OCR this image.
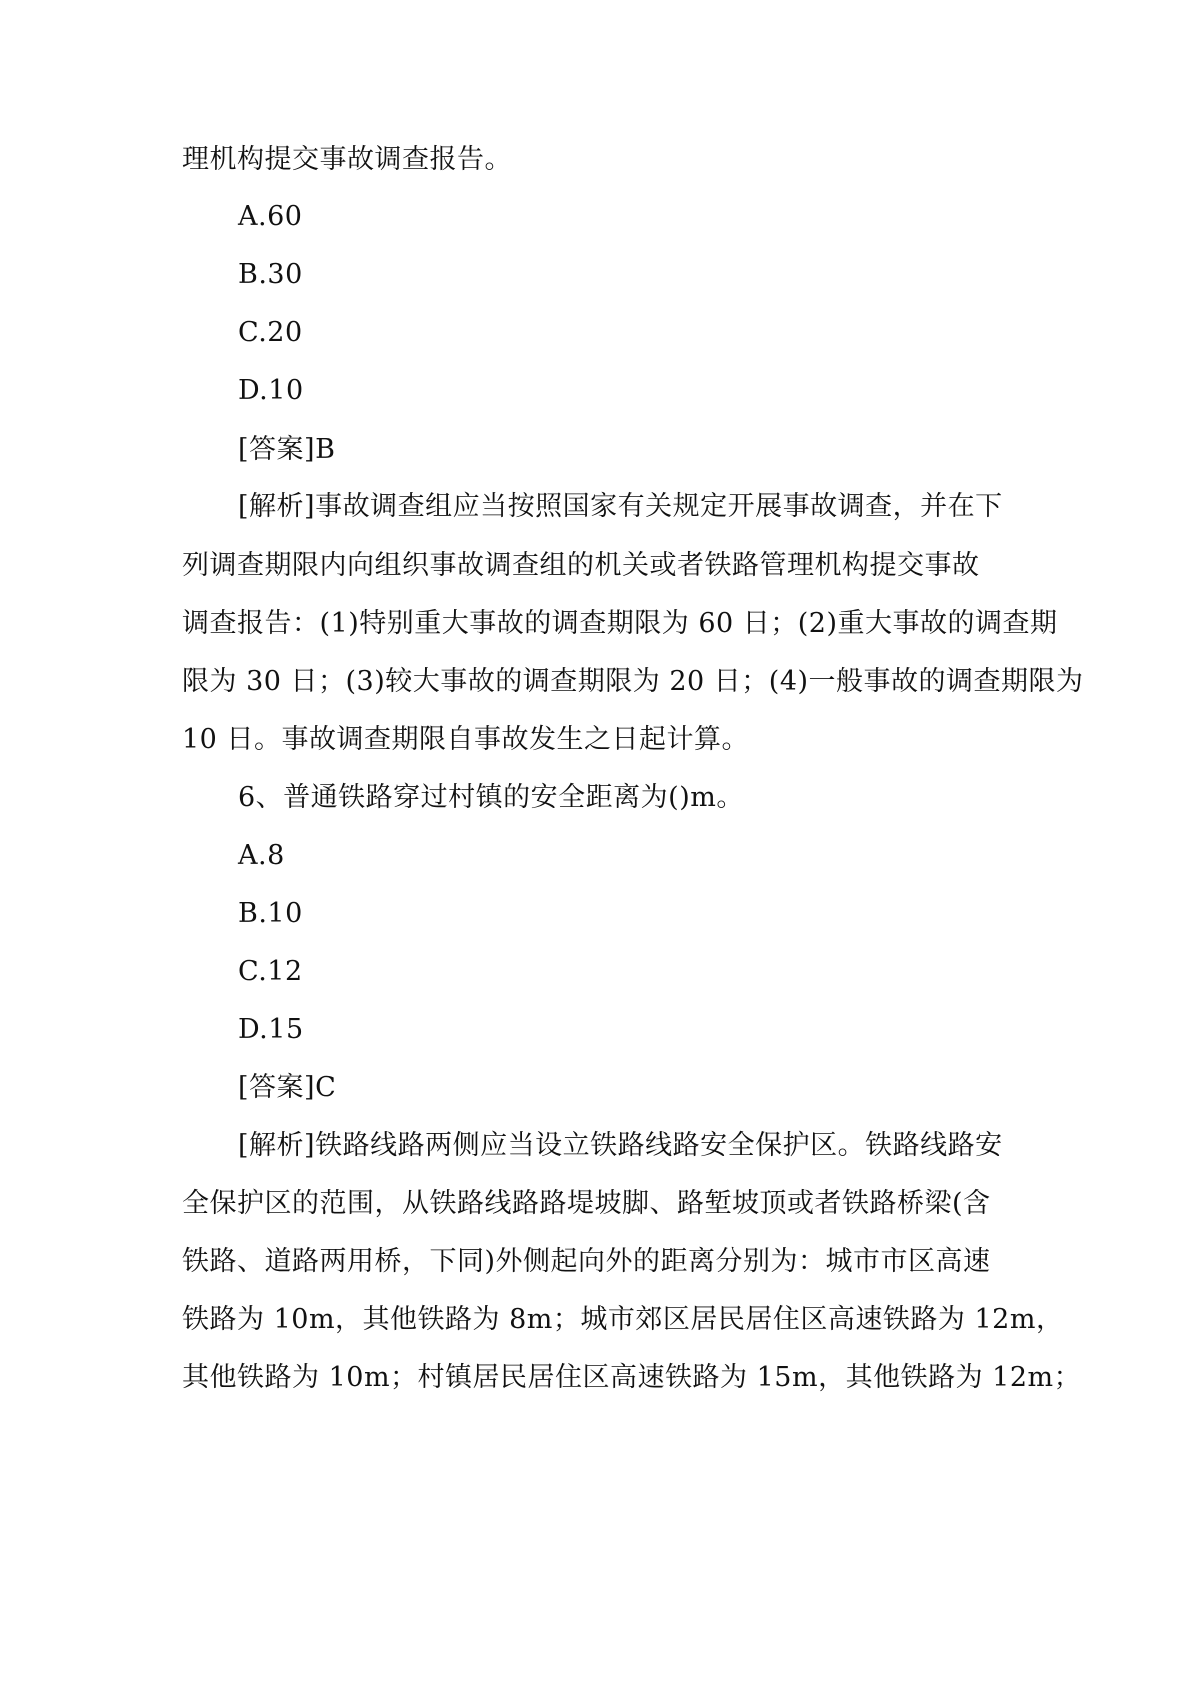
理机构提交事故调查报告。
A.60
B.30
C.20
D.10
[答案]B
[解析]事故调查组应当按照国家有关规定开展事故调查，并在下
列调查期限内向组织事故调查组的机关或者铁路管理机构提交事故
调查报告：(1)特别重大事故的调查期限为 60 日；(2)重大事故的调查期
限为 30 日；(3)较大事故的调查期限为 20 日；(4)一般事故的调查期限为
10 日。事故调查期限自事故发生之日起计算。
6、普通铁路穿过村镇的安全距离为()m。
A.8
B.10
C.12
D.15
[答案]C
[解析]铁路线路两侧应当设立铁路线路安全保护区。铁路线路安
全保护区的范围，从铁路线路路堤坡脚、路堑坡顶或者铁路桥梁(含
铁路、道路两用桥，下同)外侧起向外的距离分别为：城市市区高速
铁路为 10m，其他铁路为 8m；城市郊区居民居住区高速铁路为 12m，
其他铁路为 10m；村镇居民居住区高速铁路为 15m，其他铁路为 12m；
